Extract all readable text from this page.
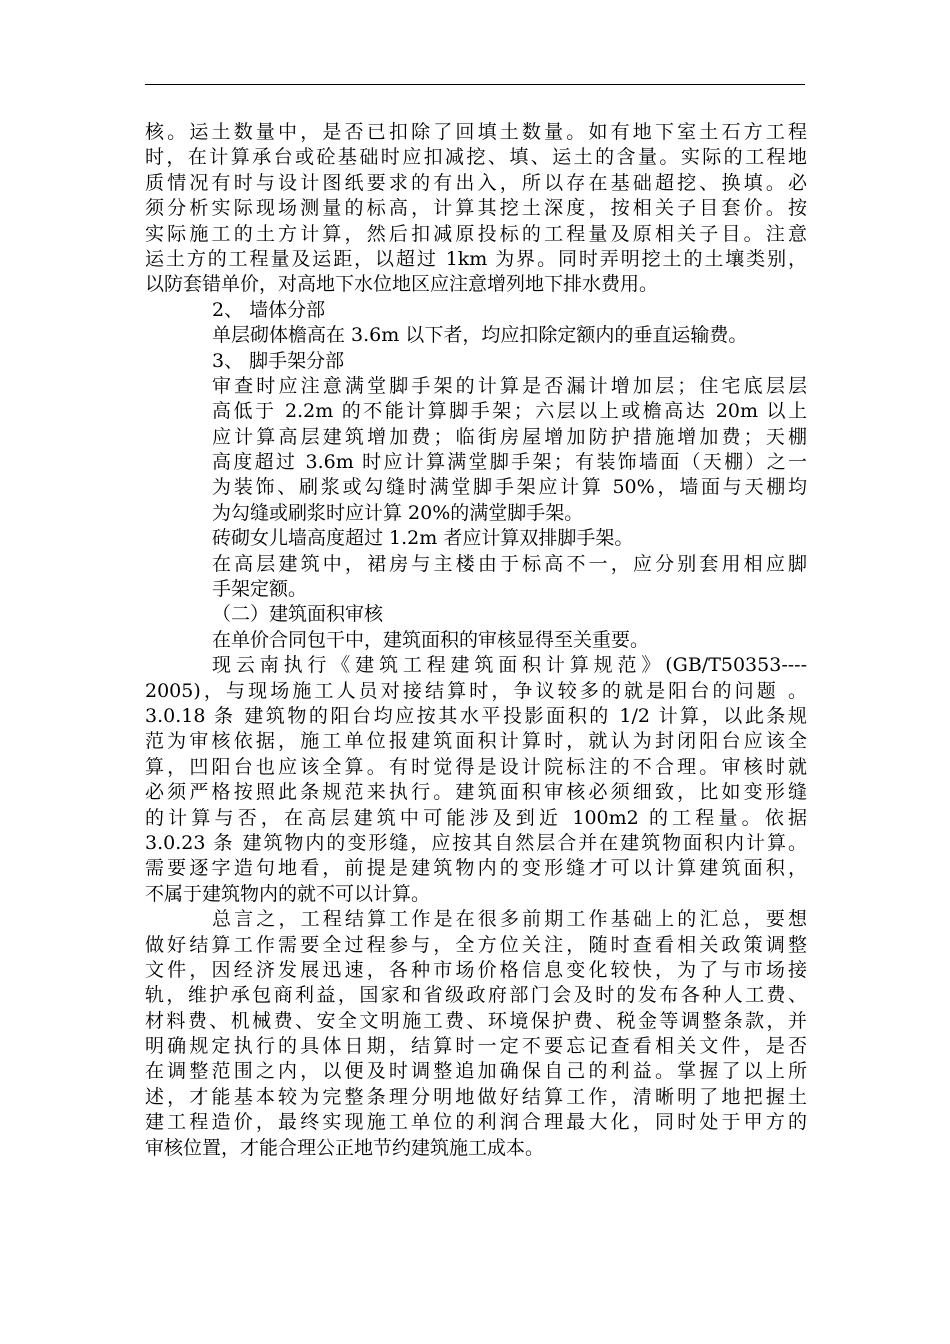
核。运土数量中，是否已扣除了回填土数量。如有地下室土石方工程
时，在计算承台或砼基础时应扣减挖、填、运土的含量。实际的工程地
质情况有时与设计图纸要求的有出入，所以存在基础超挖、换填。必
须分析实际现场测量的标高，计算其挖土深度，按相关子目套价。按
实际施工的土方计算，然后扣减原投标的工程量及原相关子目。注意
运土方的工程量及运距，以超过 1km 为界。同时弄明挖土的土壤类别，
以防套错单价，对高地下水位地区应注意增列地下排水费用。
2、 墙体分部
单层砌体檐高在 3.6m 以下者，均应扣除定额内的垂直运输费。
3、 脚手架分部
审查时应注意满堂脚手架的计算是否漏计增加层；住宅底层层
高低于 2.2m 的不能计算脚手架；六层以上或檐高达 20m 以上
应计算高层建筑增加费；临街房屋增加防护措施增加费；天棚
高度超过 3.6m 时应计算满堂脚手架；有装饰墙面（天棚）之一
为装饰、刷浆或勾缝时满堂脚手架应计算 50%，墙面与天棚均
为勾缝或刷浆时应计算 20%的满堂脚手架。
砖砌女儿墙高度超过 1.2m 者应计算双排脚手架。
在高层建筑中，裙房与主楼由于标高不一，应分别套用相应脚
手架定额。
（二）建筑面积审核
在单价合同包干中，建筑面积的审核显得至关重要。
现云南执行《建筑工程建筑面积计算规范》(GB/T50353----
2005)，与现场施工人员对接结算时，争议较多的就是阳台的问题 。
3.0.18 条 建筑物的阳台均应按其水平投影面积的 1/2 计算，以此条规
范为审核依据，施工单位报建筑面积计算时，就认为封闭阳台应该全
算，凹阳台也应该全算。有时觉得是设计院标注的不合理。审核时就
必须严格按照此条规范来执行。建筑面积审核必须细致，比如变形缝
的计算与否，在高层建筑中可能涉及到近 100m2 的工程量。依据
3.0.23 条 建筑物内的变形缝，应按其自然层合并在建筑物面积内计算。
需要逐字造句地看，前提是建筑物内的变形缝才可以计算建筑面积，
不属于建筑物内的就不可以计算。
总言之，工程结算工作是在很多前期工作基础上的汇总，要想
做好结算工作需要全过程参与，全方位关注，随时查看相关政策调整
文件，因经济发展迅速，各种市场价格信息变化较快，为了与市场接
轨，维护承包商利益，国家和省级政府部门会及时的发布各种人工费、
材料费、机械费、安全文明施工费、环境保护费、税金等调整条款，并
明确规定执行的具体日期，结算时一定不要忘记查看相关文件，是否
在调整范围之内，以便及时调整追加确保自己的利益。掌握了以上所
述，才能基本较为完整条理分明地做好结算工作，清晰明了地把握土
建工程造价，最终实现施工单位的利润合理最大化，同时处于甲方的
审核位置，才能合理公正地节约建筑施工成本。
